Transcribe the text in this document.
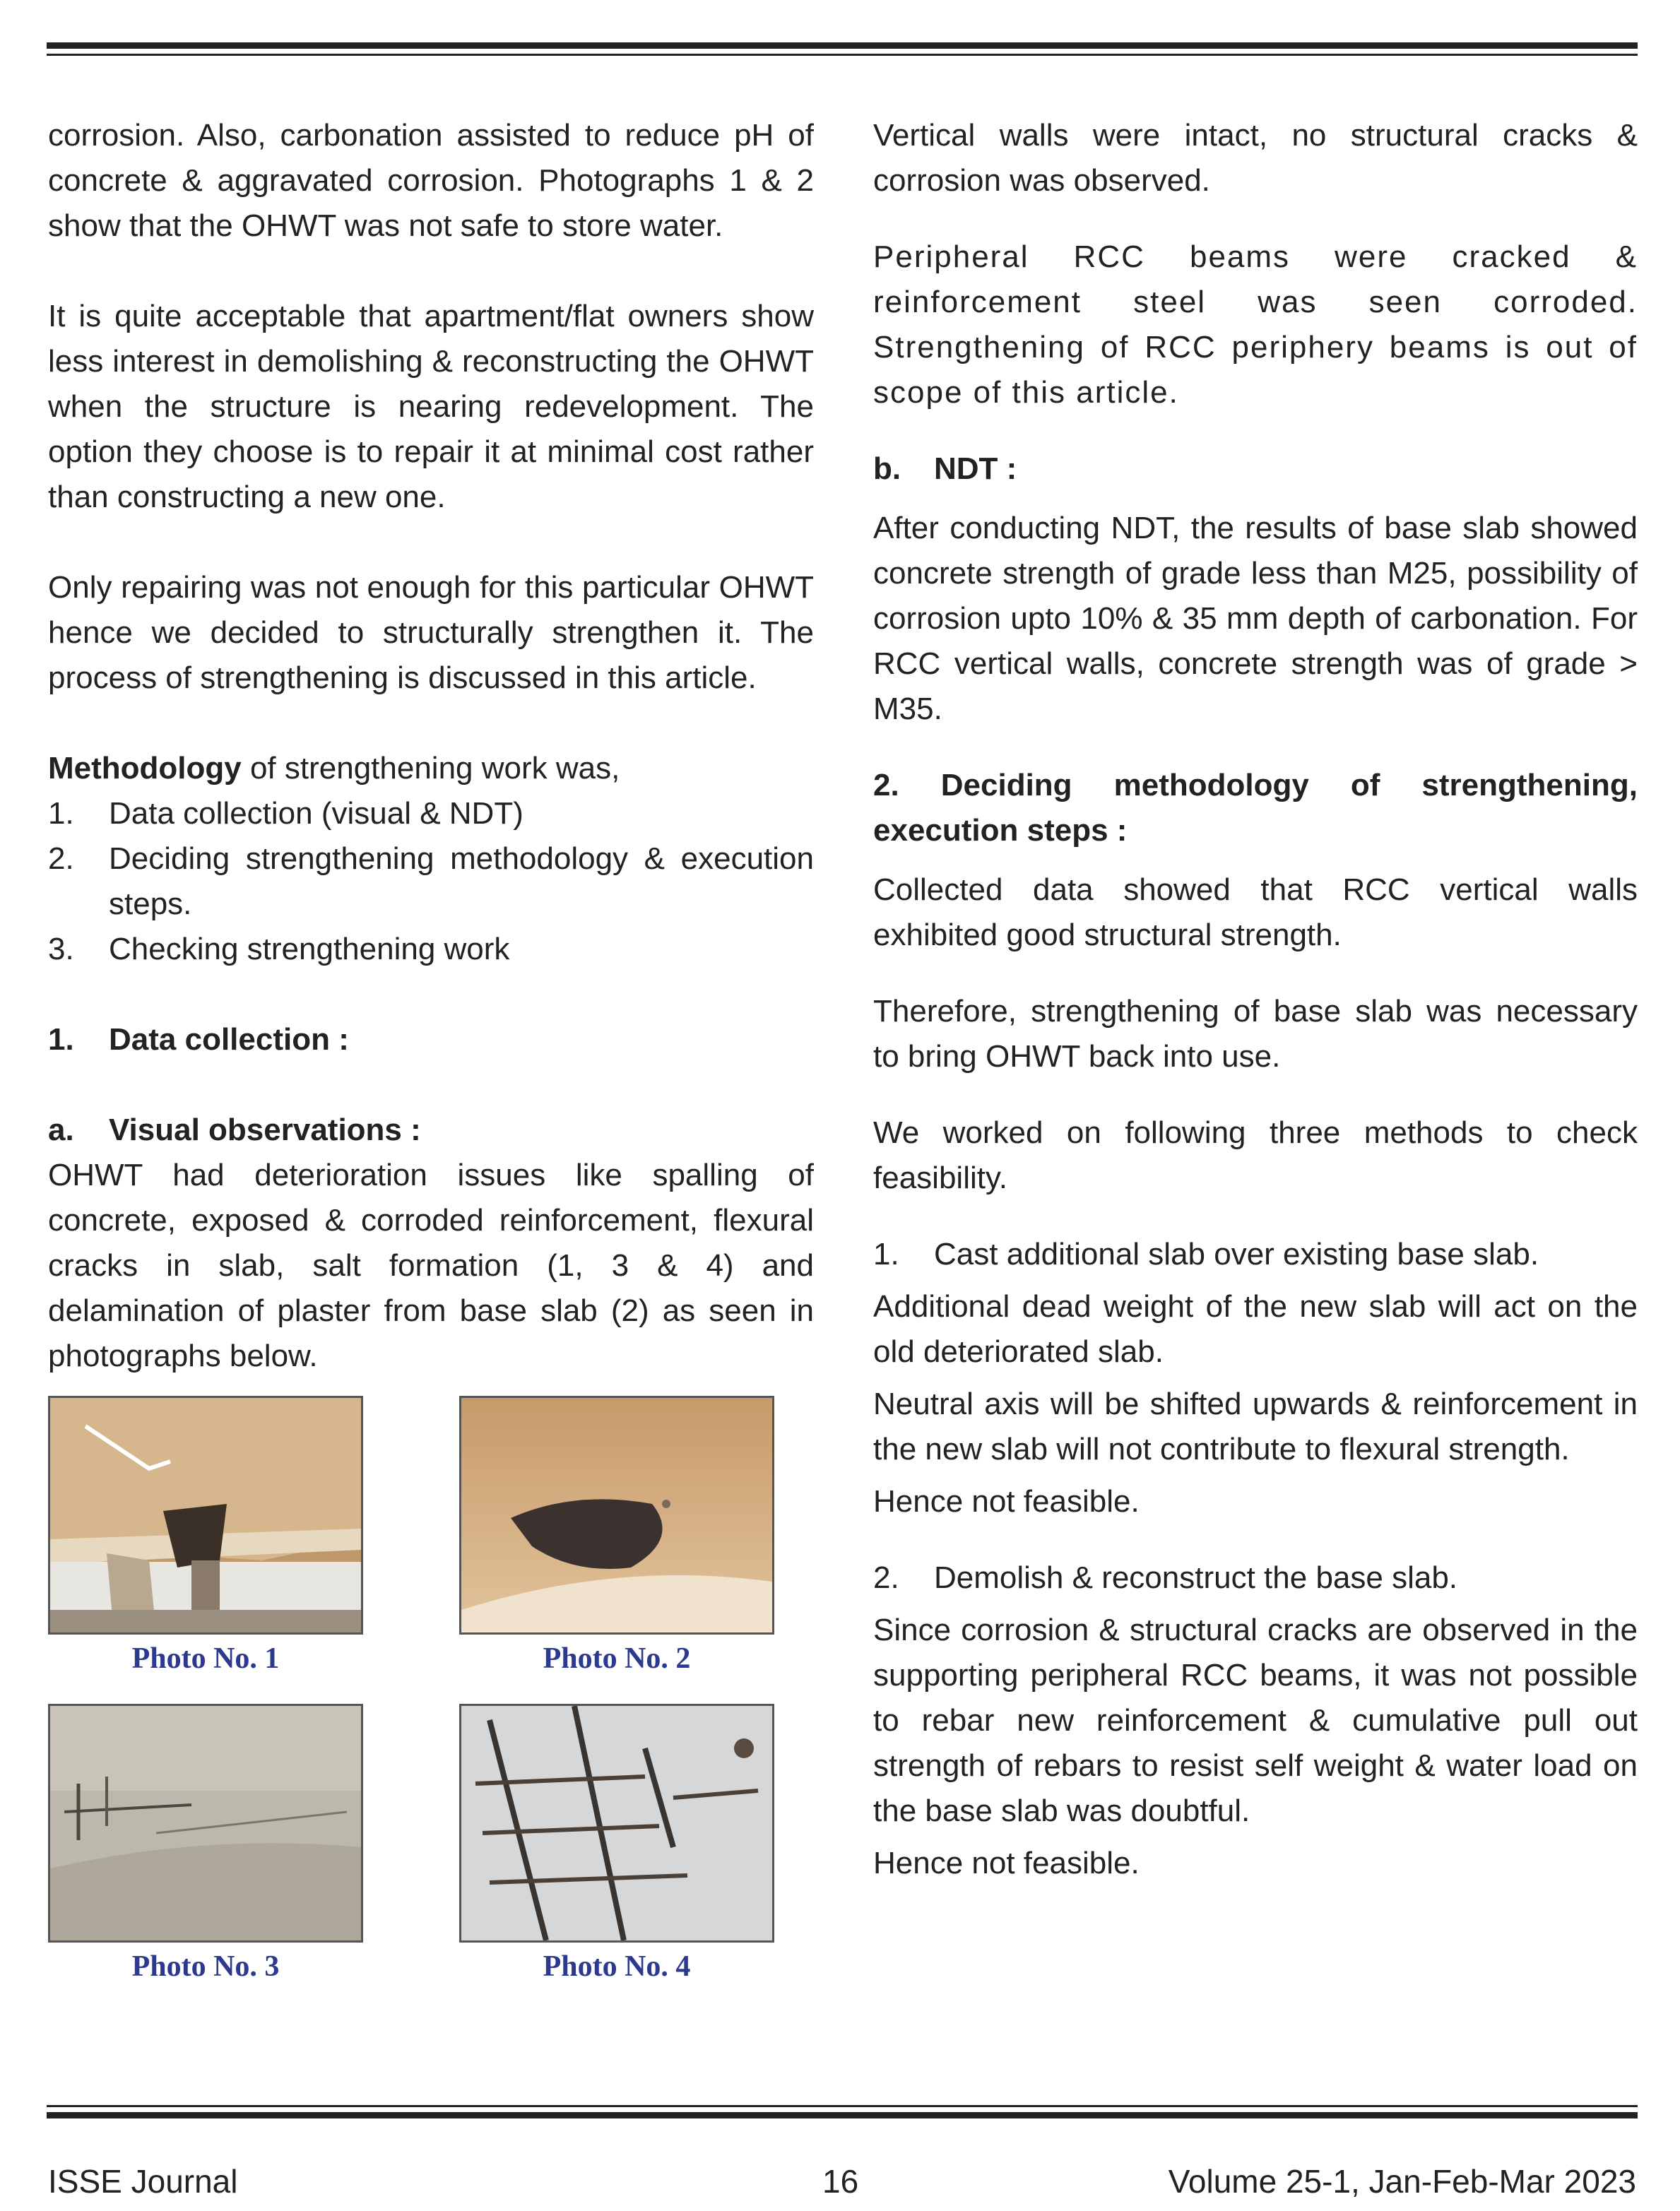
corrosion. Also, carbonation assisted to reduce pH of concrete & aggravated corrosion. Photographs 1 & 2 show that the OHWT was not safe to store water.

It is quite acceptable that apartment/flat owners show less interest in demolishing & reconstructing the OHWT when the structure is nearing redevelopment. The option they choose is to repair it at minimal cost rather than constructing a new one.

Only repairing was not enough for this particular OHWT hence we decided to structurally strengthen it. The process of strengthening is discussed in this article.

Methodology of strengthening work was,

1.	Data collection (visual & NDT)
2.	Deciding strengthening methodology & execution steps.
3.	Checking strengthening work
1.	Data collection :
a.	Visual observations :

OHWT had deterioration issues like spalling of concrete, exposed & corroded reinforcement, flexural cracks in slab, salt formation (1, 3 & 4) and delamination of plaster from base slab (2) as seen in photographs below.

Photo No. 1	Photo No. 2
Photo No. 3	Photo No. 4

Vertical walls were intact, no structural cracks & corrosion was observed.

Peripheral RCC beams were cracked & reinforcement steel was seen corroded. Strengthening of RCC periphery beams is out of scope of this article.

b.	NDT :

After conducting NDT, the results of base slab showed concrete strength of grade less than M25, possibility of corrosion upto 10% & 35 mm depth of carbonation. For RCC vertical walls, concrete strength was of grade > M35.

2. Deciding methodology of strengthening, execution steps :

Collected data showed that RCC vertical walls exhibited good structural strength.

Therefore, strengthening of base slab was necessary to bring OHWT back into use.

We worked on following three methods to check feasibility.

1.	Cast additional slab over existing base slab.

Additional dead weight of the new slab will act on the old deteriorated slab.

Neutral axis will be shifted upwards & reinforcement in the new slab will not contribute to flexural strength.

Hence not feasible.

2.	Demolish & reconstruct the base slab.

Since corrosion & structural cracks are observed in the supporting peripheral RCC beams, it was not possible to rebar new reinforcement & cumulative pull out strength of rebars to resist self weight & water load on the base slab was doubtful.

Hence not feasible.

ISSE Journal	16	Volume 25-1, Jan-Feb-Mar 2023
